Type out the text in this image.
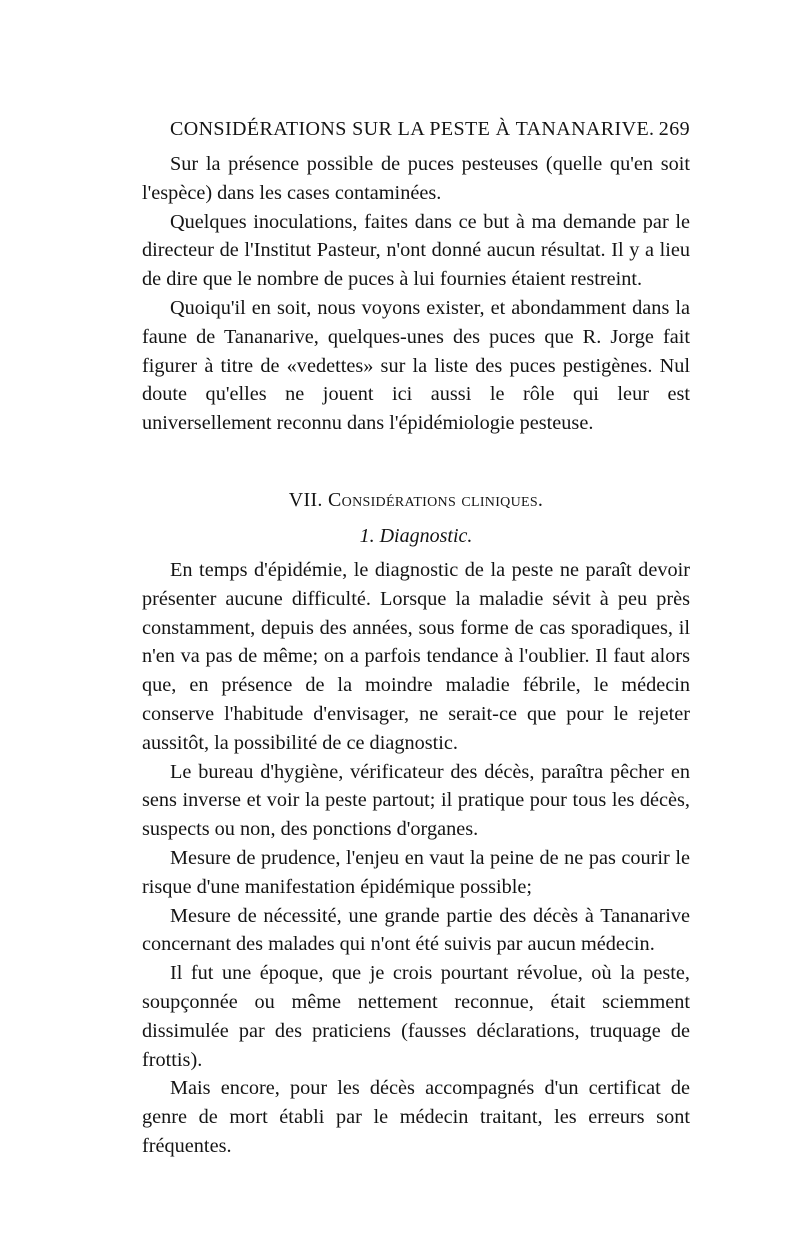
CONSIDÉRATIONS SUR LA PESTE À TANANARIVE. 269

Sur la présence possible de puces pesteuses (quelle qu'en soit l'espèce) dans les cases contaminées.

Quelques inoculations, faites dans ce but à ma demande par le directeur de l'Institut Pasteur, n'ont donné aucun résultat. Il y a lieu de dire que le nombre de puces à lui fournies étaient restreint.

Quoiqu'il en soit, nous voyons exister, et abondamment dans la faune de Tananarive, quelques-unes des puces que R. Jorge fait figurer à titre de «vedettes» sur la liste des puces pestigènes. Nul doute qu'elles ne jouent ici aussi le rôle qui leur est universellement reconnu dans l'épidémiologie pesteuse.

VII. Considérations cliniques.
1. Diagnostic.

En temps d'épidémie, le diagnostic de la peste ne paraît devoir présenter aucune difficulté. Lorsque la maladie sévit à peu près constamment, depuis des années, sous forme de cas sporadiques, il n'en va pas de même; on a parfois tendance à l'oublier. Il faut alors que, en présence de la moindre maladie fébrile, le médecin conserve l'habitude d'envisager, ne serait-ce que pour le rejeter aussitôt, la possibilité de ce diagnostic.

Le bureau d'hygiène, vérificateur des décès, paraîtra pêcher en sens inverse et voir la peste partout; il pratique pour tous les décès, suspects ou non, des ponctions d'organes.

Mesure de prudence, l'enjeu en vaut la peine de ne pas courir le risque d'une manifestation épidémique possible;

Mesure de nécessité, une grande partie des décès à Tananarive concernant des malades qui n'ont été suivis par aucun médecin.

Il fut une époque, que je crois pourtant révolue, où la peste, soupçonnée ou même nettement reconnue, était sciemment dissimulée par des praticiens (fausses déclarations, truquage de frottis).

Mais encore, pour les décès accompagnés d'un certificat de genre de mort établi par le médecin traitant, les erreurs sont fréquentes.
